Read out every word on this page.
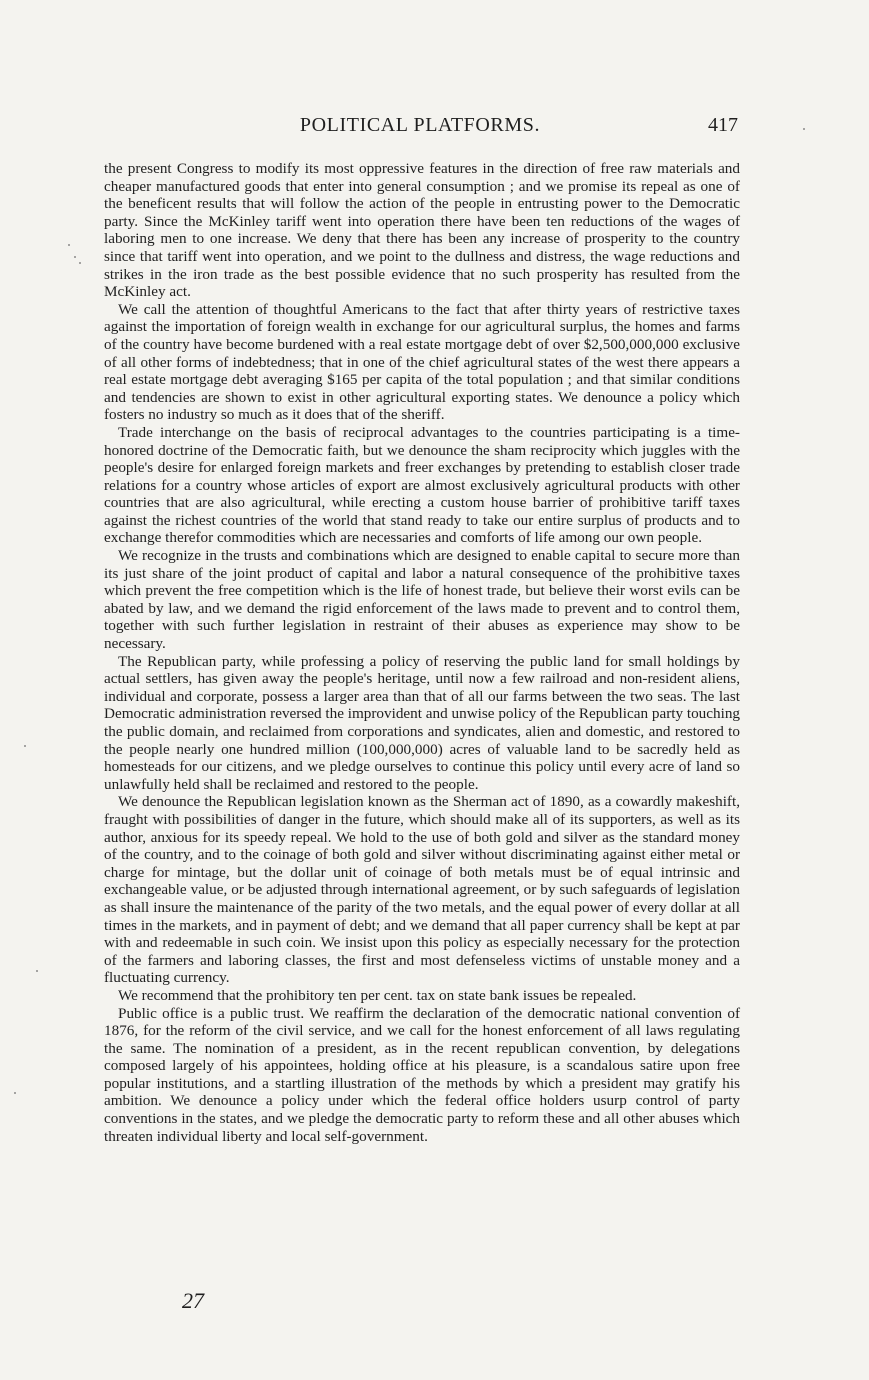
POLITICAL PLATFORMS.	417

the present Congress to modify its most oppressive features in the direction of free raw materials and cheaper manufactured goods that enter into general consumption ; and we promise its repeal as one of the beneficent results that will follow the action of the people in entrusting power to the Democratic party. Since the McKinley tariff went into operation there have been ten reductions of the wages of laboring men to one increase. We deny that there has been any increase of prosperity to the country since that tariff went into operation, and we point to the dullness and distress, the wage reductions and strikes in the iron trade as the best possible evidence that no such prosperity has resulted from the McKinley act.

We call the attention of thoughtful Americans to the fact that after thirty years of restrictive taxes against the importation of foreign wealth in exchange for our agricultural surplus, the homes and farms of the country have become burdened with a real estate mortgage debt of over $2,500,000,000 exclusive of all other forms of indebtedness; that in one of the chief agricultural states of the west there appears a real estate mortgage debt averaging $165 per capita of the total population ; and that similar conditions and tendencies are shown to exist in other agricultural exporting states. We denounce a policy which fosters no industry so much as it does that of the sheriff.

Trade interchange on the basis of reciprocal advantages to the countries participating is a time-honored doctrine of the Democratic faith, but we denounce the sham reciprocity which juggles with the people's desire for enlarged foreign markets and freer exchanges by pretending to establish closer trade relations for a country whose articles of export are almost exclusively agricultural products with other countries that are also agricultural, while erecting a custom house barrier of prohibitive tariff taxes against the richest countries of the world that stand ready to take our entire surplus of products and to exchange therefor commodities which are necessaries and comforts of life among our own people.

We recognize in the trusts and combinations which are designed to enable capital to secure more than its just share of the joint product of capital and labor a natural consequence of the prohibitive taxes which prevent the free competition which is the life of honest trade, but believe their worst evils can be abated by law, and we demand the rigid enforcement of the laws made to prevent and to control them, together with such further legislation in restraint of their abuses as experience may show to be necessary.

The Republican party, while professing a policy of reserving the public land for small holdings by actual settlers, has given away the people's heritage, until now a few railroad and non-resident aliens, individual and corporate, possess a larger area than that of all our farms between the two seas. The last Democratic administration reversed the improvident and unwise policy of the Republican party touching the public domain, and reclaimed from corporations and syndicates, alien and domestic, and restored to the people nearly one hundred million (100,000,000) acres of valuable land to be sacredly held as homesteads for our citizens, and we pledge ourselves to continue this policy until every acre of land so unlawfully held shall be reclaimed and restored to the people.

We denounce the Republican legislation known as the Sherman act of 1890, as a cowardly makeshift, fraught with possibilities of danger in the future, which should make all of its supporters, as well as its author, anxious for its speedy repeal. We hold to the use of both gold and silver as the standard money of the country, and to the coinage of both gold and silver without discriminating against either metal or charge for mintage, but the dollar unit of coinage of both metals must be of equal intrinsic and exchangeable value, or be adjusted through international agreement, or by such safeguards of legislation as shall insure the maintenance of the parity of the two metals, and the equal power of every dollar at all times in the markets, and in payment of debt; and we demand that all paper currency shall be kept at par with and redeemable in such coin. We insist upon this policy as especially necessary for the protection of the farmers and laboring classes, the first and most defenseless victims of unstable money and a fluctuating currency.

We recommend that the prohibitory ten per cent. tax on state bank issues be repealed.

Public office is a public trust. We reaffirm the declaration of the democratic national convention of 1876, for the reform of the civil service, and we call for the honest enforcement of all laws regulating the same. The nomination of a president, as in the recent republican convention, by delegations composed largely of his appointees, holding office at his pleasure, is a scandalous satire upon free popular institutions, and a startling illustration of the methods by which a president may gratify his ambition. We denounce a policy under which the federal office holders usurp control of party conventions in the states, and we pledge the democratic party to reform these and all other abuses which threaten individual liberty and local self-government.

27
